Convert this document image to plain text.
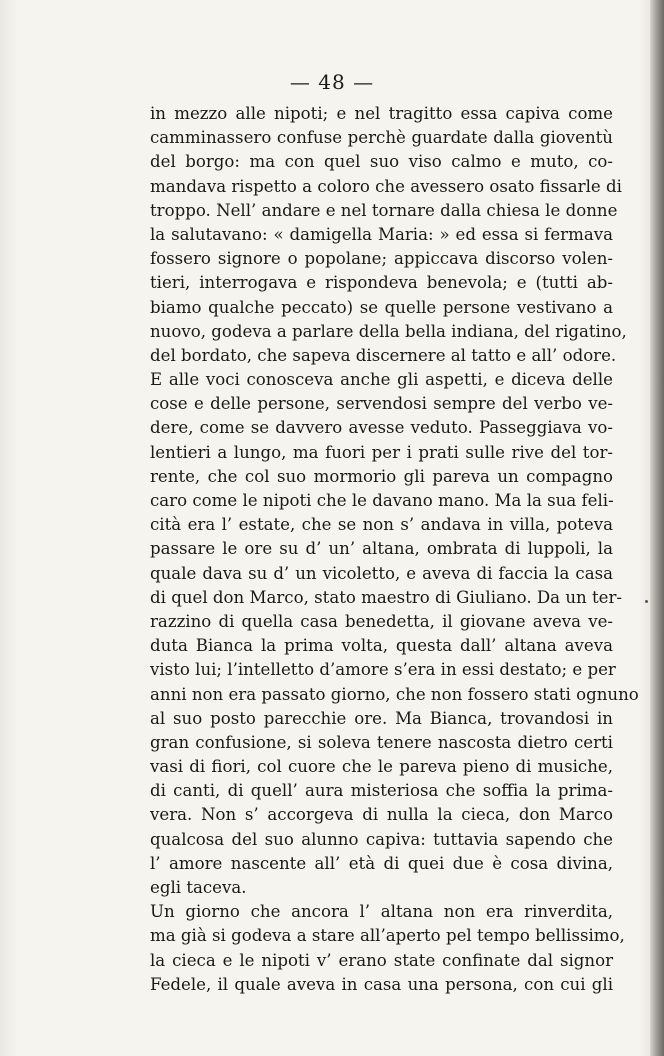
— 48 —
in mezzo alle nipoti; e nel tragitto essa capiva come
camminassero confuse perchè guardate dalla gioventù
del borgo: ma con quel suo viso calmo e muto, co-
mandava rispetto a coloro che avessero osato fissarle di
troppo. Nell’ andare e nel tornare dalla chiesa le donne
la salutavano: « damigella Maria: » ed essa si fermava
fossero signore o popolane; appiccava discorso volen-
tieri, interrogava e rispondeva benevola; e (tutti ab-
biamo qualche peccato) se quelle persone vestivano a
nuovo, godeva a parlare della bella indiana, del rigatino,
del bordato, che sapeva discernere al tatto e all’ odore.
E alle voci conosceva anche gli aspetti, e diceva delle
cose e delle persone, servendosi sempre del verbo ve-
dere, come se davvero avesse veduto. Passeggiava vo-
lentieri a lungo, ma fuori per i prati sulle rive del tor-
rente, che col suo mormorio gli pareva un compagno
caro come le nipoti che le davano mano. Ma la sua feli-
cità era l’ estate, che se non s’ andava in villa, poteva
passare le ore su d’ un’ altana, ombrata di luppoli, la
quale dava su d’ un vicoletto, e aveva di faccia la casa
di quel don Marco, stato maestro di Giuliano. Da un ter-
razzino di quella casa benedetta, il giovane aveva ve-
duta Bianca la prima volta, questa dall’ altana aveva
visto lui; l’intelletto d’amore s’era in essi destato; e per
anni non era passato giorno, che non fossero stati ognuno
al suo posto parecchie ore. Ma Bianca, trovandosi in
gran confusione, si soleva tenere nascosta dietro certi
vasi di fiori, col cuore che le pareva pieno di musiche,
di canti, di quell’ aura misteriosa che soffia la prima-
vera. Non s’ accorgeva di nulla la cieca, don Marco
qualcosa del suo alunno capiva: tuttavia sapendo che
l’ amore nascente all’ età di quei due è cosa divina,
egli taceva.
Un giorno che ancora l’ altana non era rinverdita,
ma già si godeva a stare all’aperto pel tempo bellissimo,
la cieca e le nipoti v’ erano state confinate dal signor
Fedele, il quale aveva in casa una persona, con cui gli
